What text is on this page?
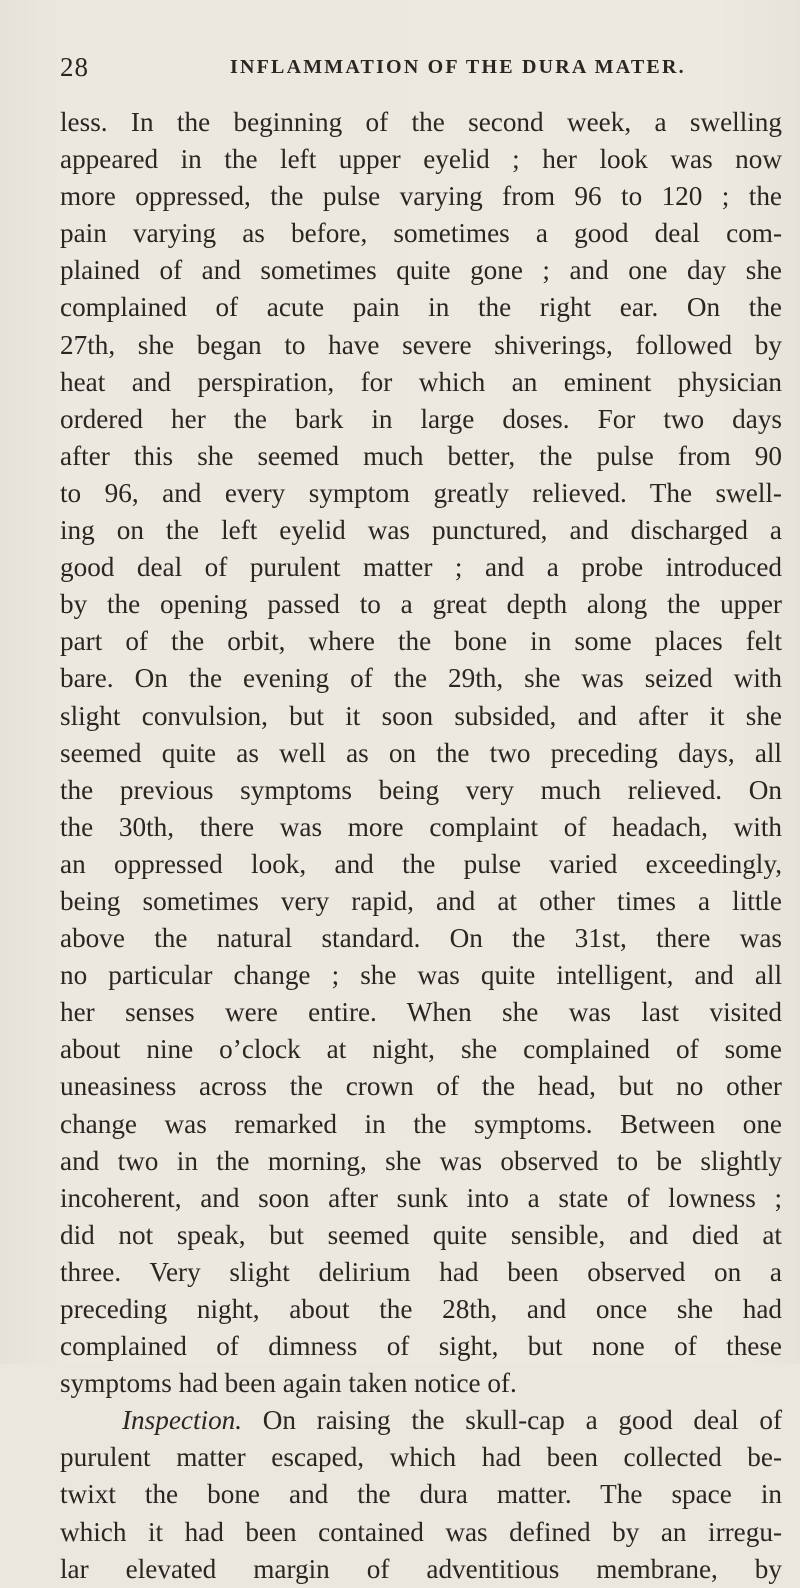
28	INFLAMMATION OF THE DURA MATER.
less. In the beginning of the second week, a swelling
appeared in the left upper eyelid ; her look was now
more oppressed, the pulse varying from 96 to 120 ; the
pain varying as before, sometimes a good deal com-
plained of and sometimes quite gone ; and one day she
complained of acute pain in the right ear. On the
27th, she began to have severe shiverings, followed by
heat and perspiration, for which an eminent physician
ordered her the bark in large doses. For two days
after this she seemed much better, the pulse from 90
to 96, and every symptom greatly relieved. The swell-
ing on the left eyelid was punctured, and discharged a
good deal of purulent matter ; and a probe introduced
by the opening passed to a great depth along the upper
part of the orbit, where the bone in some places felt
bare. On the evening of the 29th, she was seized with
slight convulsion, but it soon subsided, and after it she
seemed quite as well as on the two preceding days, all
the previous symptoms being very much relieved. On
the 30th, there was more complaint of headach, with
an oppressed look, and the pulse varied exceedingly,
being sometimes very rapid, and at other times a little
above the natural standard. On the 31st, there was
no particular change ; she was quite intelligent, and all
her senses were entire. When she was last visited
about nine o’clock at night, she complained of some
uneasiness across the crown of the head, but no other
change was remarked in the symptoms. Between one
and two in the morning, she was observed to be slightly
incoherent, and soon after sunk into a state of lowness ;
did not speak, but seemed quite sensible, and died at
three. Very slight delirium had been observed on a
preceding night, about the 28th, and once she had
complained of dimness of sight, but none of these
symptoms had been again taken notice of.
Inspection. On raising the skull-cap a good deal of
purulent matter escaped, which had been collected be-
twixt the bone and the dura matter. The space in
which it had been contained was defined by an irregu-
lar elevated margin of adventitious membrane, by
